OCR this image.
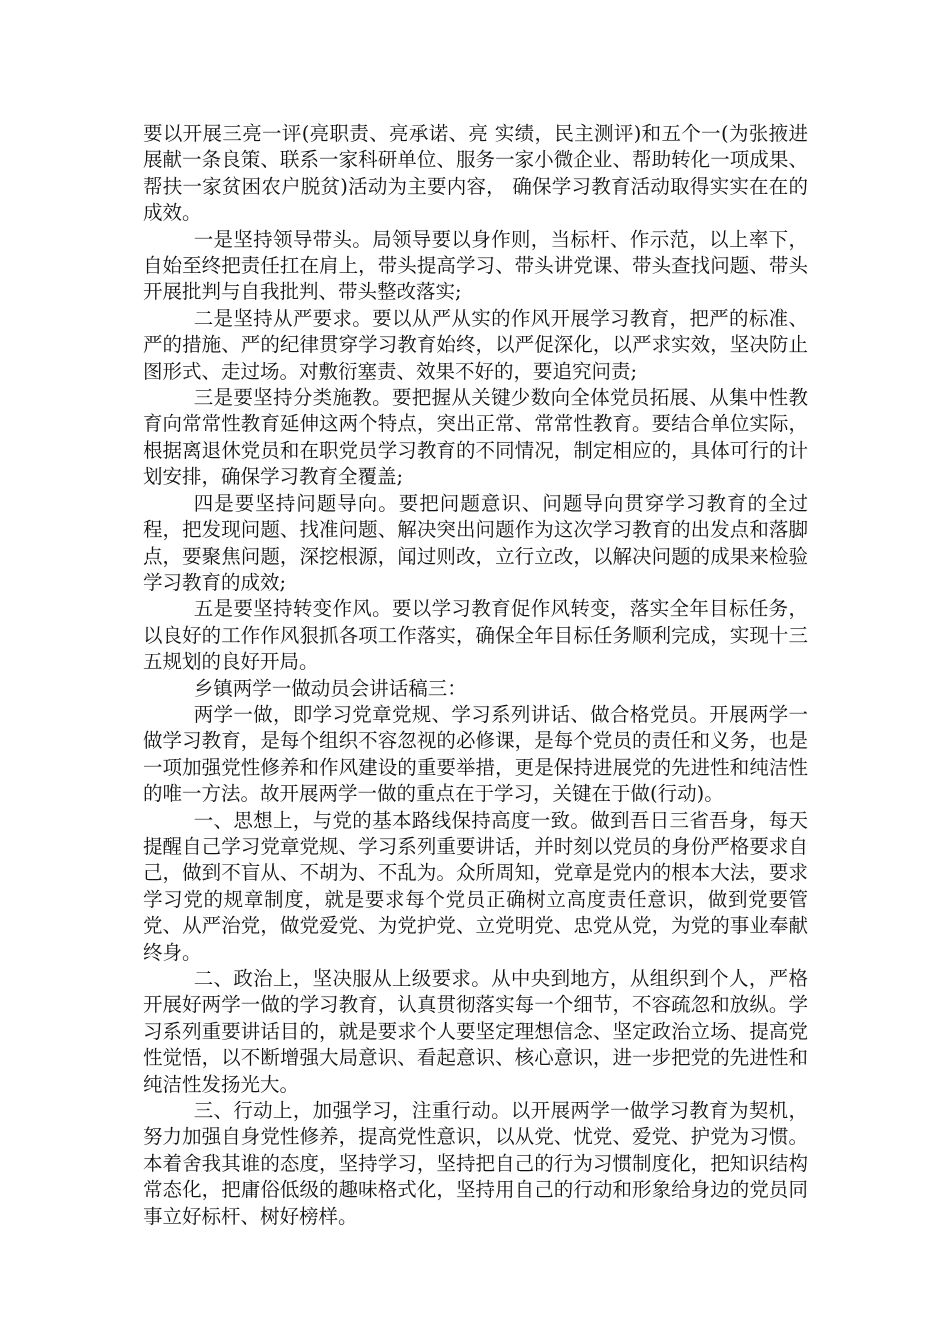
要以开展三亮一评(亮职责、亮承诺、亮 实绩，民主测评)和五个一(为张掖进展献一条良策、联系一家科研单位、服务一家小微企业、帮助转化一项成果、帮扶一家贫困农户脱贫)活动为主要内容， 确保学习教育活动取得实实在在的成效。

一是坚持领导带头。局领导要以身作则，当标杆、作示范，以上率下，自始至终把责任扛在肩上，带头提高学习、带头讲党课、带头查找问题、带头开展批判与自我批判、带头整改落实;

二是坚持从严要求。要以从严从实的作风开展学习教育，把严的标准、严的措施、严的纪律贯穿学习教育始终，以严促深化，以严求实效，坚决防止图形式、走过场。对敷衍塞责、效果不好的，要追究问责;

三是要坚持分类施教。要把握从关键少数向全体党员拓展、从集中性教育向常常性教育延伸这两个特点，突出正常、常常性教育。要结合单位实际，根据离退休党员和在职党员学习教育的不同情况，制定相应的，具体可行的计划安排，确保学习教育全覆盖;

四是要坚持问题导向。要把问题意识、问题导向贯穿学习教育的全过程，把发现问题、找准问题、解决突出问题作为这次学习教育的出发点和落脚点，要聚焦问题，深挖根源，闻过则改，立行立改，以解决问题的成果来检验学习教育的成效;

五是要坚持转变作风。要以学习教育促作风转变，落实全年目标任务，以良好的工作作风狠抓各项工作落实，确保全年目标任务顺利完成，实现十三五规划的良好开局。

乡镇两学一做动员会讲话稿三：

两学一做，即学习党章党规、学习系列讲话、做合格党员。开展两学一做学习教育，是每个组织不容忽视的必修课，是每个党员的责任和义务，也是一项加强党性修养和作风建设的重要举措，更是保持进展党的先进性和纯洁性的唯一方法。故开展两学一做的重点在于学习，关键在于做(行动)。

一、思想上，与党的基本路线保持高度一致。做到吾日三省吾身，每天提醒自己学习党章党规、学习系列重要讲话，并时刻以党员的身份严格要求自己，做到不盲从、不胡为、不乱为。众所周知，党章是党内的根本大法，要求学习党的规章制度，就是要求每个党员正确树立高度责任意识，做到党要管党、从严治党，做党爱党、为党护党、立党明党、忠党从党，为党的事业奉献终身。

二、政治上，坚决服从上级要求。从中央到地方，从组织到个人，严格开展好两学一做的学习教育，认真贯彻落实每一个细节，不容疏忽和放纵。学习系列重要讲话目的，就是要求个人要坚定理想信念、坚定政治立场、提高党性觉悟，以不断增强大局意识、看起意识、核心意识，进一步把党的先进性和纯洁性发扬光大。

三、行动上，加强学习，注重行动。以开展两学一做学习教育为契机，努力加强自身党性修养，提高党性意识，以从党、忧党、爱党、护党为习惯。本着舍我其谁的态度，坚持学习，坚持把自己的行为习惯制度化，把知识结构常态化，把庸俗低级的趣味格式化，坚持用自己的行动和形象给身边的党员同事立好标杆、树好榜样。
